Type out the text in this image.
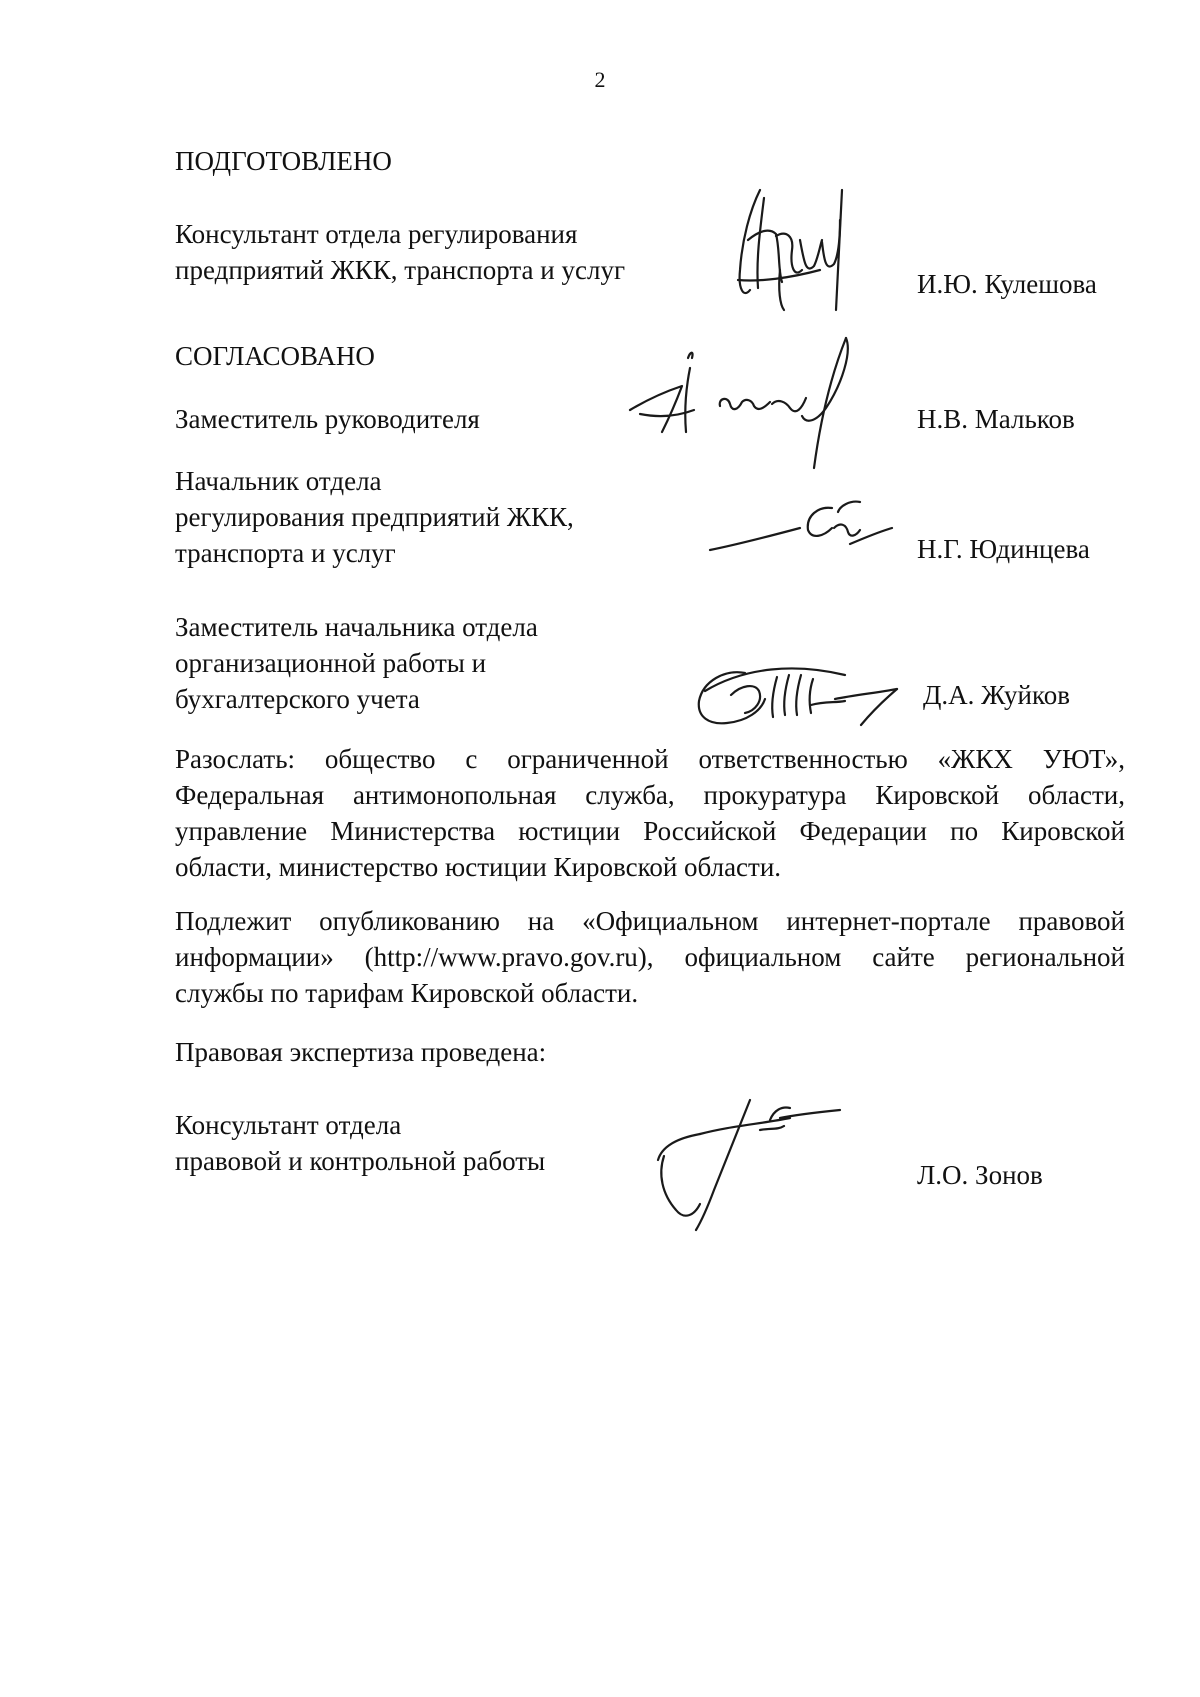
2
ПОДГОТОВЛЕНО
Консультант отдела регулирования
предприятий ЖКК, транспорта и услуг	И.Ю. Кулешова
СОГЛАСОВАНО
Заместитель руководителя	Н.В. Мальков
Начальник отдела
регулирования предприятий ЖКК,
транспорта и услуг	Н.Г. Юдинцева
Заместитель начальника отдела
организационной работы и
бухгалтерского учета	Д.А. Жуйков
Разослать: общество с ограниченной ответственностью «ЖКХ УЮТ»,
Федеральная антимонопольная служба, прокуратура Кировской области,
управление Министерства юстиции Российской Федерации по Кировской
области, министерство юстиции Кировской области.
Подлежит опубликованию на «Официальном интернет-портале правовой
информации» (http://www.pravo.gov.ru), официальном сайте региональной
службы по тарифам Кировской области.
Правовая экспертиза проведена:
Консультант отдела
правовой и контрольной работы	Л.О. Зонов
